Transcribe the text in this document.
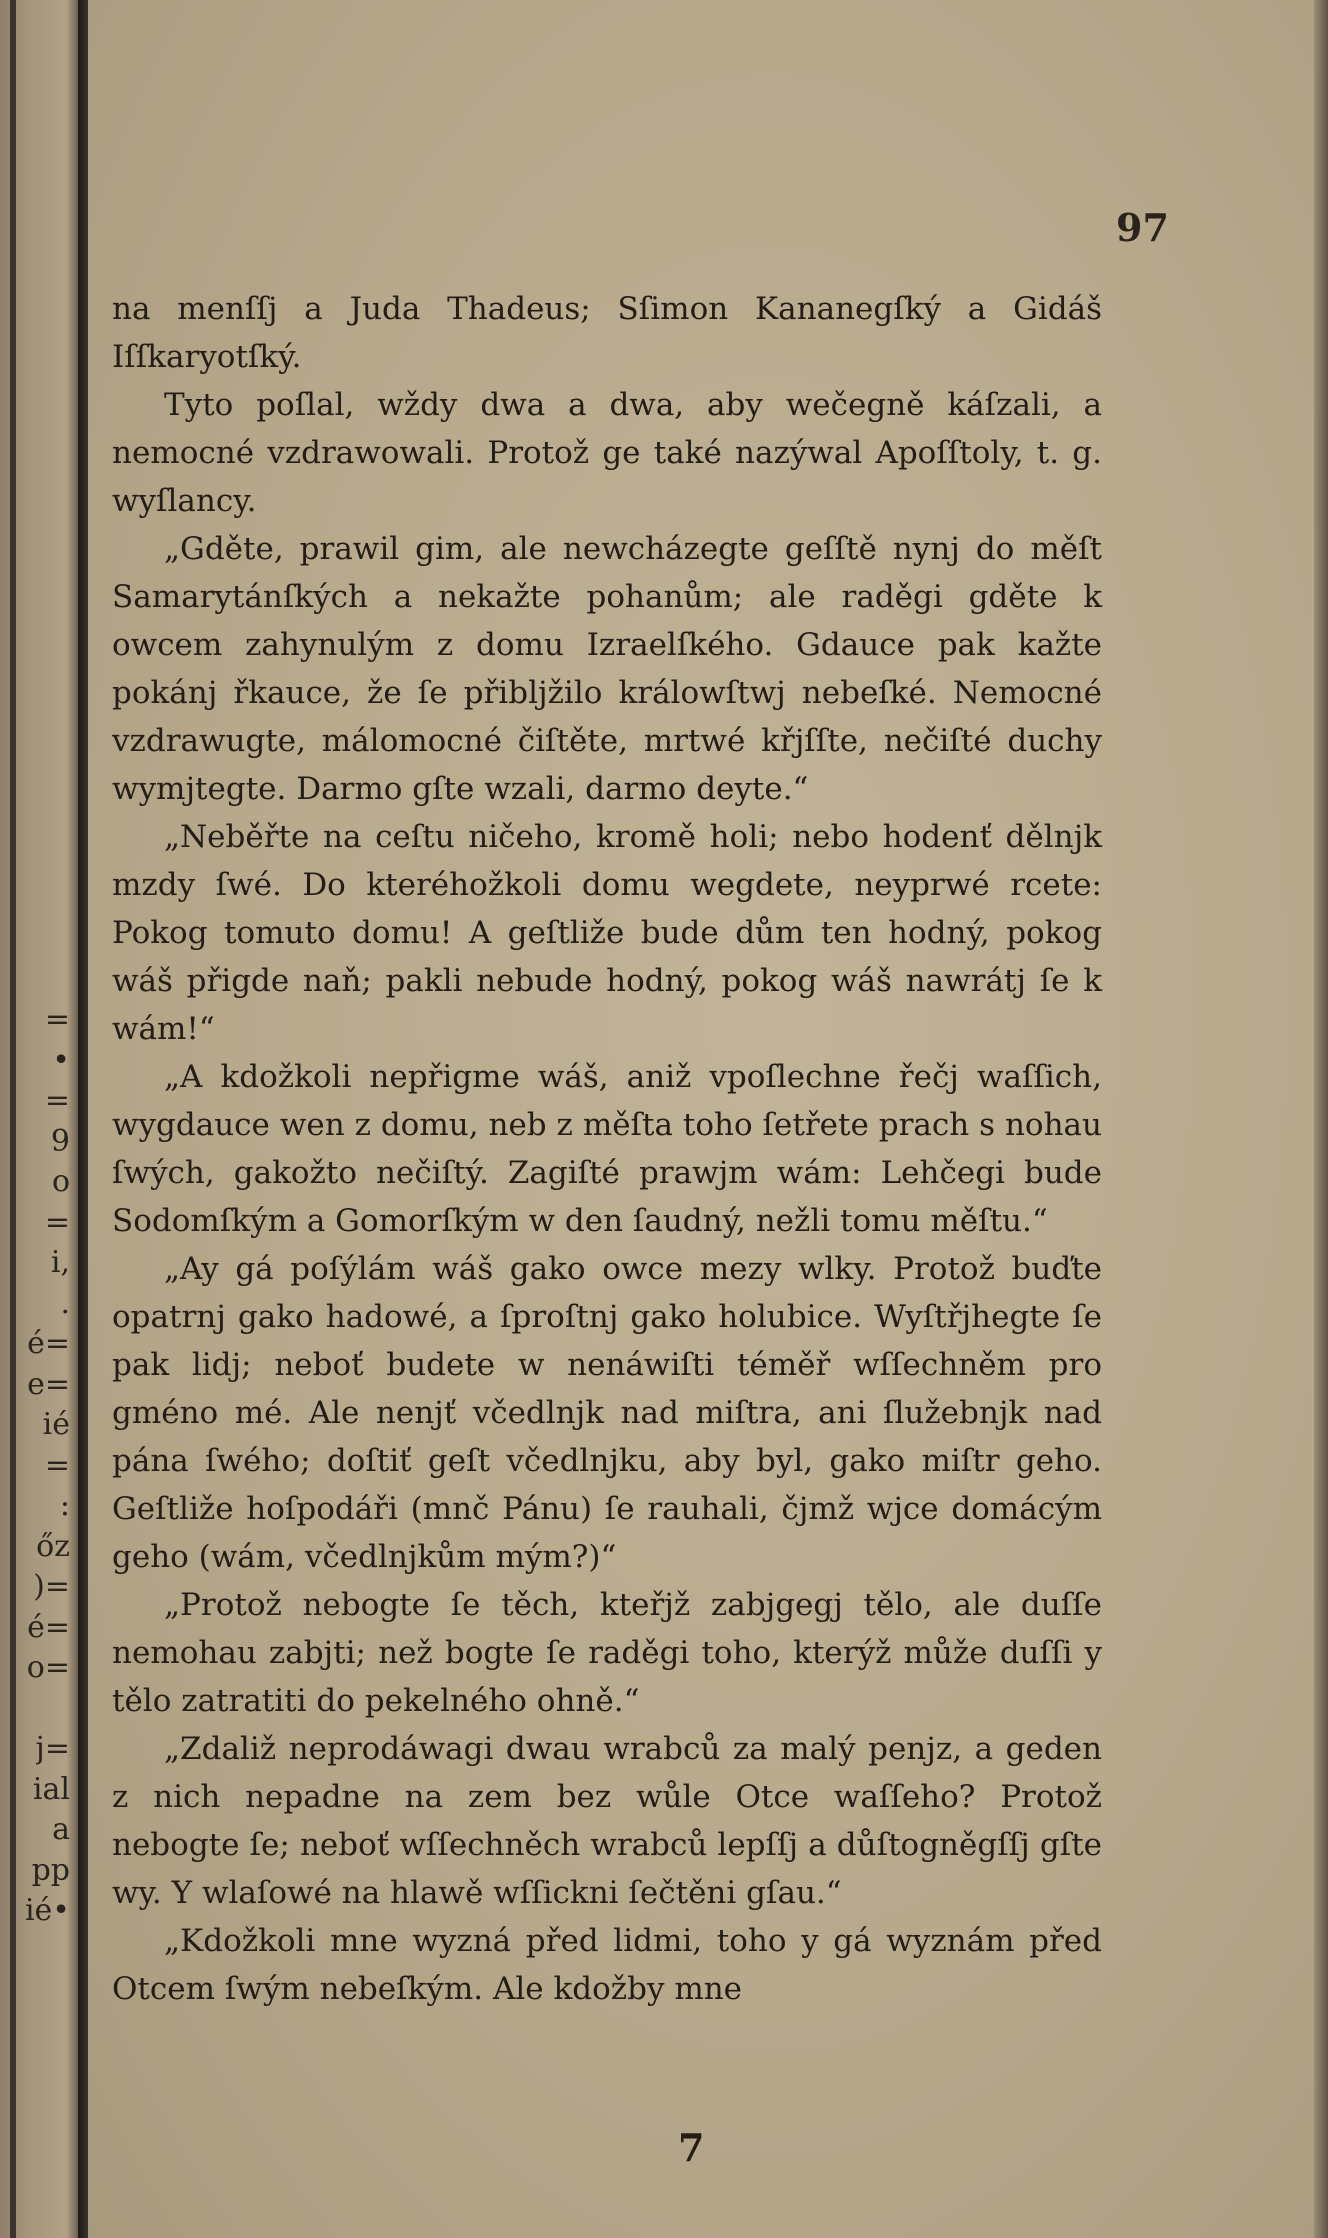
=
•
=
9
o
=
i,
.
é=
e=
ié
=
:
őz
)=
é=
o=
j=
ial
a
pp
ié•
97

na menſſj a Juda Thadeus; Sſimon Kananegſký a Gidáš Iſſkaryotſký.

Tyto poſlal, wždy dwa a dwa, aby wečegně káſzali, a nemocné vzdrawowali. Protož ge také nazýwal Apoſſtoly, t. g. wyſlancy.

„Gděte, prawil gim, ale newcházegte geſſtě nynj do měſt Samarytánſkých a nekažte pohanům; ale raděgi gděte k owcem zahynulým z domu Izraelſkého. Gdauce pak kažte pokánj řkauce, že ſe přibljžilo králowſtwj nebeſké. Nemocné vzdrawugte, málomocné čiſtěte, mrtwé křjſſte, nečiſté duchy wymjtegte. Darmo gſte wzali, darmo deyte.“

„Neběřte na ceſtu ničeho, kromě holi; nebo hodenť dělnjk mzdy ſwé. Do kteréhožkoli domu wegdete, neyprwé rcete: Pokog tomuto domu! A geſtliže bude dům ten hodný, pokog wáš přigde naň; pakli nebude hodný, pokog wáš nawrátj ſe k wám!“

„A kdožkoli nepřigme wáš, aniž vpoſlechne řečj waſſich, wygdauce wen z domu, neb z měſta toho ſetřete prach s nohau ſwých, gakožto nečiſtý. Zagiſté prawjm wám: Lehčegi bude Sodomſkým a Gomorſkým w den ſaudný, nežli tomu měſtu.“

„Ay gá poſýlám wáš gako owce mezy wlky. Protož buďte opatrnj gako hadowé, a ſproſtnj gako holubice. Wyſtřjhegte ſe pak lidj; neboť budete w nenáwiſti téměř wſſechněm pro gméno mé. Ale nenjť včedlnjk nad miſtra, ani ſlužebnjk nad pána ſwého; doſtiť geſt včedlnjku, aby byl, gako miſtr geho. Geſtliže hoſpodáři (mnč Pánu) ſe rauhali, čjmž wjce domácým geho (wám, včedlnjkům mým?)“

„Protož nebogte ſe těch, kteřjž zabjgegj tělo, ale duſſe nemohau zabjti; než bogte ſe raděgi toho, kterýž může duſſi y tělo zatratiti do pekelného ohně.“

„Zdaliž neprodáwagi dwau wrabců za malý penjz, a geden z nich nepadne na zem bez wůle Otce waſſeho? Protož nebogte ſe; neboť wſſechněch wrabců lepſſj a důſtogněgſſj gſte wy. Y wlaſowé na hlawě wſſickni ſečtěni gſau.“

„Kdožkoli mne wyzná před lidmi, toho y gá wyznám před Otcem ſwým nebeſkým. Ale kdožby mne

7
